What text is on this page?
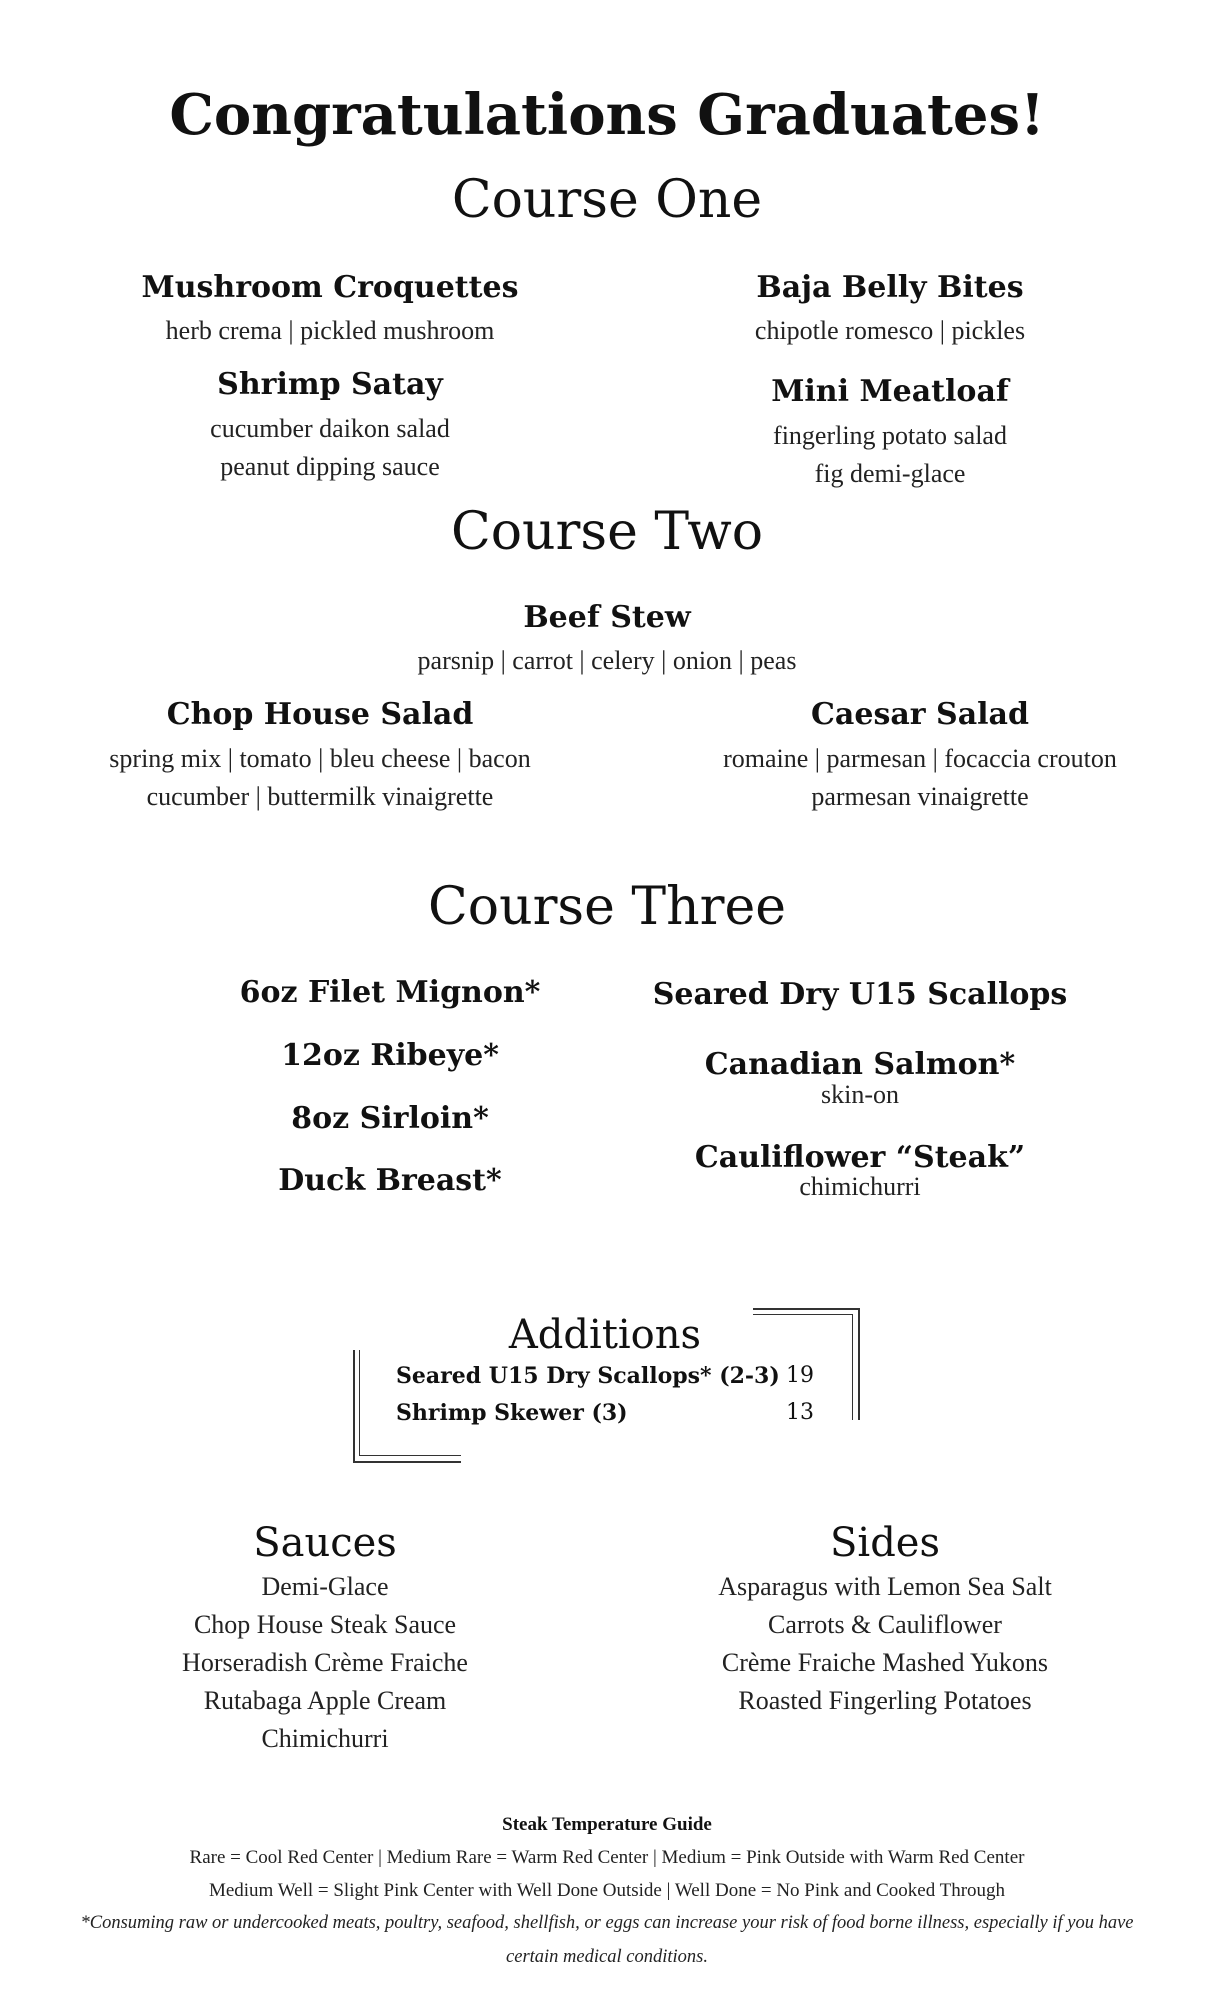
Congratulations Graduates!
Course One
Mushroom Croquettes
herb crema | pickled mushroom
Baja Belly Bites
chipotle romesco | pickles
Shrimp Satay
cucumber daikon salad
peanut dipping sauce
Mini Meatloaf
fingerling potato salad
fig demi-glace
Course Two
Beef Stew
parsnip | carrot | celery | onion | peas
Chop House Salad
spring mix | tomato | bleu cheese | bacon
cucumber | buttermilk vinaigrette
Caesar Salad
romaine | parmesan | focaccia crouton
parmesan vinaigrette
Course Three
6oz Filet Mignon*
12oz Ribeye*
8oz Sirloin*
Duck Breast*
Seared Dry U15 Scallops
Canadian Salmon*
skin-on
Cauliflower “Steak”
chimichurri
Additions
Seared U15 Dry Scallops* (2-3) 19
Shrimp Skewer (3)	13
Sauces
Demi-Glace
Chop House Steak Sauce
Horseradish Crème Fraiche
Rutabaga Apple Cream
Chimichurri
Sides
Asparagus with Lemon Sea Salt
Carrots & Cauliflower
Crème Fraiche Mashed Yukons
Roasted Fingerling Potatoes
Steak Temperature Guide
Rare = Cool Red Center | Medium Rare = Warm Red Center | Medium = Pink Outside with Warm Red Center
Medium Well = Slight Pink Center with Well Done Outside | Well Done = No Pink and Cooked Through
*Consuming raw or undercooked meats, poultry, seafood, shellfish, or eggs can increase your risk of food borne illness, especially if you have certain medical conditions.
